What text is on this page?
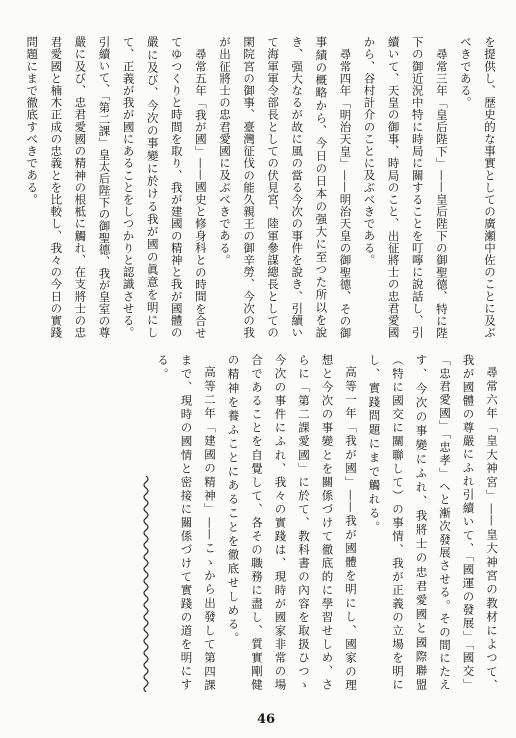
を提供し、歴史的な事實としての廣瀬中佐のことに及ぶ
べきである。
尋常三年「皇后陛下」——皇后陛下の御聖德、特に陛
下の御近況中特に時局に關することを叮嚀に說話し、引
續いて、天皇の御事、時局のこと、出征將士の忠君愛國
から、谷村計介のことに及ぶべきである。
尋常四年「明治天皇」——明治天皇の御聖德、その御
事績の概略から、今日の日本の强大に至つた所以を說
き、强大なるが故に風の當る今次の事件を說き、引續い
て海軍軍令部長としての伏見宮、陸軍參謀總長としての
閑院宮の御事、臺灣征伐の能久親王の御辛勞、今次の我
が出征將士の忠君愛國に及ぶべきである。
尋常五年「我が國」——國史と修身科との時間を合せ
てゆつくりと時間を取り、我が建國の精神と我が國體の
嚴に及び、今次の事變に於ける我が國の眞意を明にし
て、正義が我が國にあることをしつかりと認識させる。
引續いて、「第二課」皇太后陛下の御聖德、我が皇室の尊
嚴に及び、忠君愛國の精神の根柢に觸れ、在支將士の忠
君愛國と楠木正成の忠義とを比較し、我々の今日の實踐
問題にまで徹底すべきである。
尋常六年「皇大神宮」——皇大神宮の教材によつて、
我が國體の尊嚴にふれ引續いて、「國運の發展」「國交」
「忠君愛國」「忠孝」へと漸次發展させる。その間にたえ
す、今次の事變にふれ、我將士の忠君愛國と國際聯盟
（特に國交に關聯して）の事情、我が正義の立場を明に
し、實踐問題にまで觸れる。
高等一年「我が國」——我が國體を明にし、國家の理
想と今次の事變とを關係づけて徹底的に學習せしめ、さ
らに「第二課愛國」に於て、教科書の內容を取扱ひつゝ
今次の事件にふれ、我々の實踐は、現時が國家非常の場
合であることを自覺して、各その職務に盡し、質實剛健
の精神を養ふことにあることを徹底せしめる。
高等二年「建國の精神」——こゝから出發して第四課
まで、現時の國情と密接に關係づけて實踐の道を明にす
る。
46
